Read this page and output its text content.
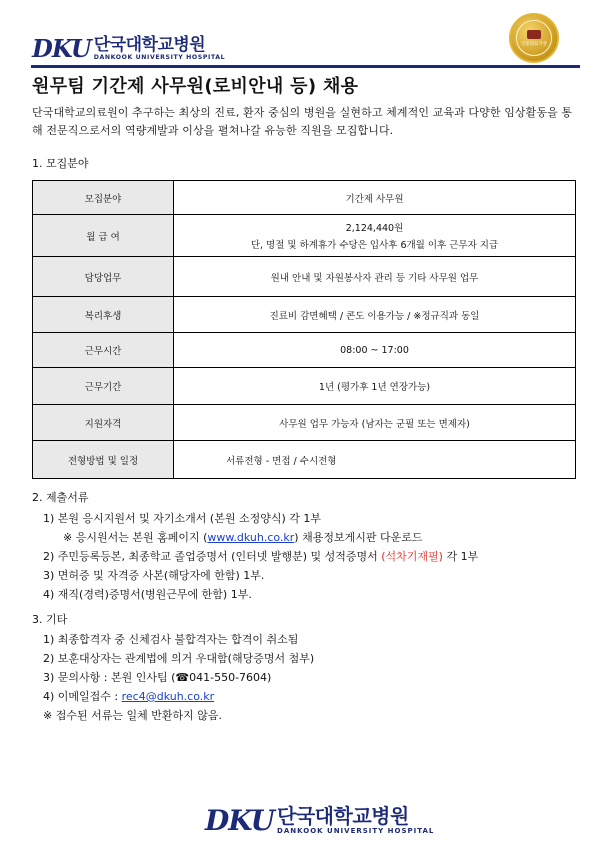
DKU 단국대학교병원
DANKOOK UNIVERSITY HOSPITAL
인증의료기관
원무팀 기간제 사무원(로비안내 등) 채용
단국대학교의료원이 추구하는 최상의 진료, 환자 중심의 병원을 실현하고 체계적인 교육과 다양한 임상활동을 통해 전문직으로서의 역량계발과 이상을 펼쳐나갈 유능한 직원을 모집합니다.
1. 모집분야
모집분야	기간제 사무원
월 급 여	2,124,440원
단, 명절 및 하계휴가 수당은 입사후 6개월 이후 근무자 지급

담당업무	원내 안내 및 자원봉사자 관리 등 기타 사무원 업무
복리후생	진료비 감면혜택 / 콘도 이용가능 / ※정규직과 동일
근무시간	08:00 ~ 17:00
근무기간	1년 (평가후 1년 연장가능)
지원자격	사무원 업무 가능자 (남자는 군필 또는 면제자)
전형방법 및 일정	서류전형 - 면접 / 수시전형
2. 제출서류
1) 본원 응시지원서 및 자기소개서 (본원 소정양식) 각 1부
※ 응시원서는 본원 홈페이지 (www.dkuh.co.kr) 채용정보게시판 다운로드
2) 주민등록등본, 최종학교 졸업증명서 (인터넷 발행분) 및 성적증명서 (석차기재필) 각 1부
3) 면허증 및 자격증 사본(해당자에 한함) 1부.
4) 재직(경력)증명서(병원근무에 한함) 1부.
3. 기타
1) 최종합격자 중 신체검사 불합격자는 합격이 취소됨
2) 보훈대상자는 관계법에 의거 우대함(해당증명서 첨부)
3) 문의사항 : 본원 인사팀 (☎041-550-7604)
4) 이메일접수 : rec4@dkuh.co.kr
※ 접수된 서류는 일체 반환하지 않음.
DKU 단국대학교병원
DANKOOK UNIVERSITY HOSPITAL
